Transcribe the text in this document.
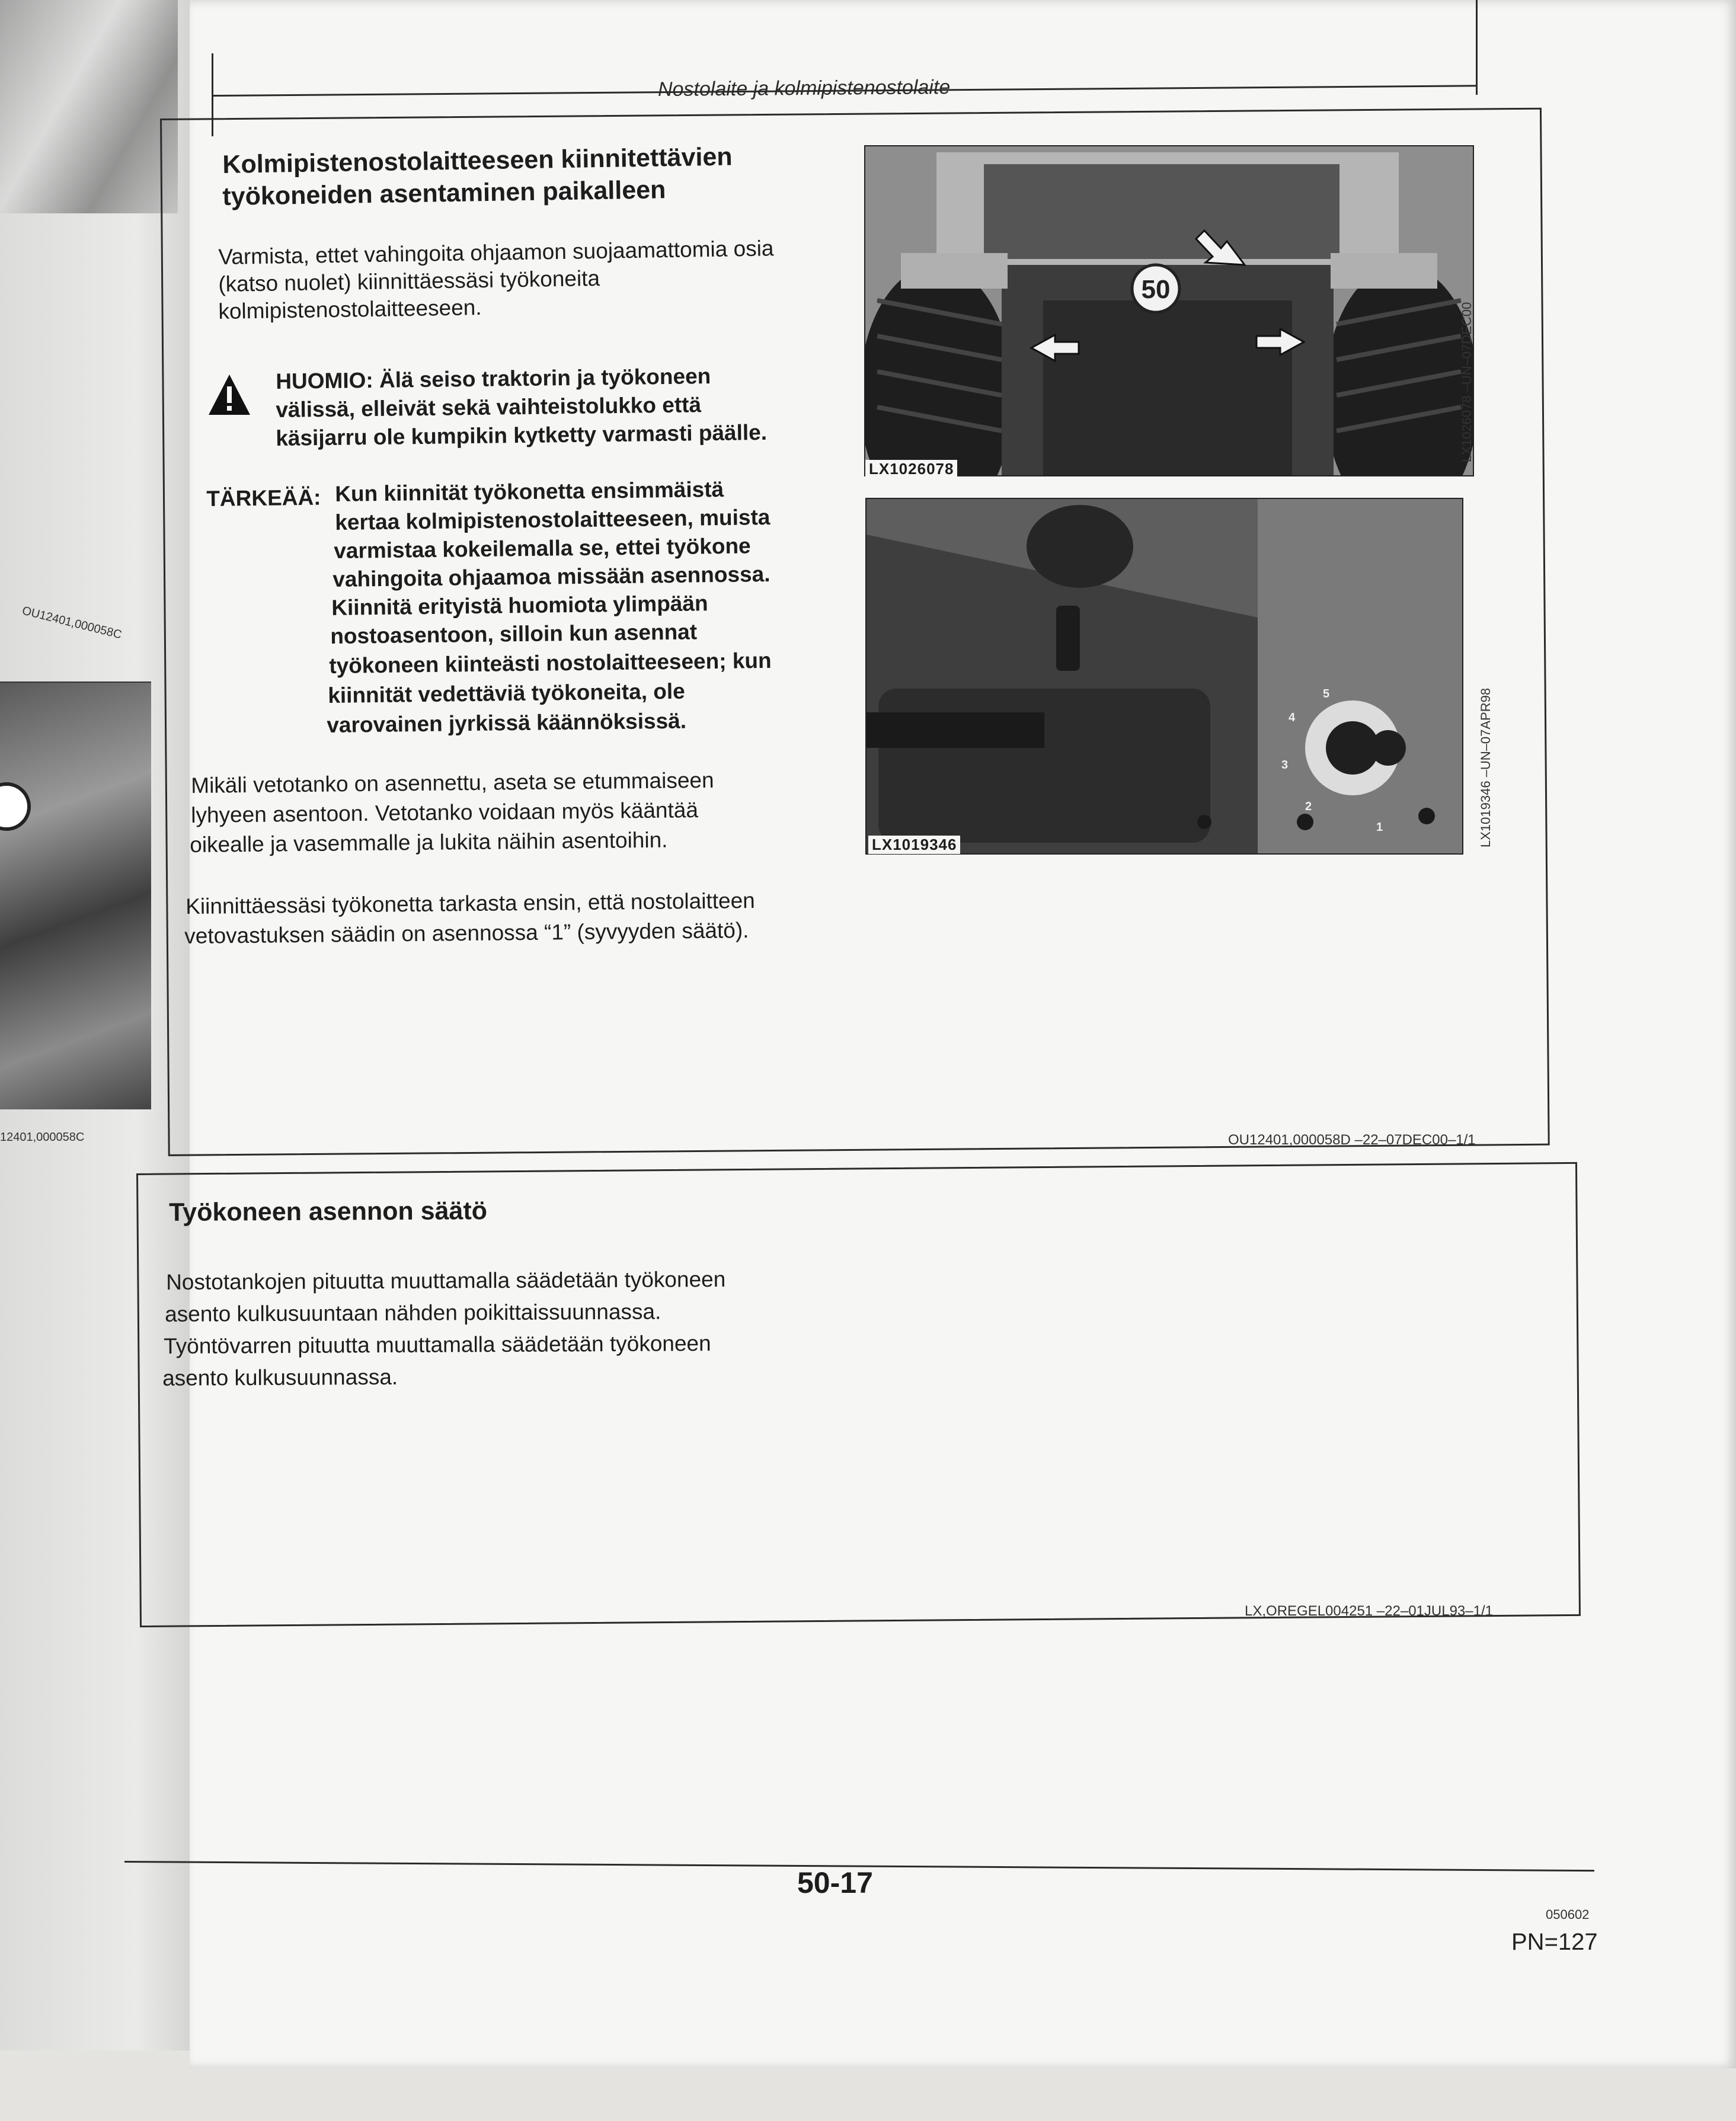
OU12401,000058C
12401,000058C
Nostolaite ja kolmipistenostolaite
Kolmipistenostolaitteeseen kiinnitettävien
työkoneiden asentaminen paikalleen
Varmista, ettet vahingoita ohjaamon suojaamattomia osia
(katso nuolet) kiinnittäessäsi työkoneita
kolmipistenostolaitteeseen.
HUOMIO: Älä seiso traktorin ja työkoneen
välissä, elleivät sekä vaihteistolukko että
käsijarru ole kumpikin kytketty varmasti päälle.
TÄRKEÄÄ: Kun kiinnität työkonetta ensimmäistä
kertaa kolmipistenostolaitteeseen, muista
varmistaa kokeilemalla se, ettei työkone
vahingoita ohjaamoa missään asennossa.
Kiinnitä erityistä huomiota ylimpään
nostoasentoon, silloin kun asennat
työkoneen kiinteästi nostolaitteeseen; kun
kiinnität vedettäviä työkoneita, ole
varovainen jyrkissä käännöksissä.
Mikäli vetotanko on asennettu, aseta se etummaiseen
lyhyeen asentoon. Vetotanko voidaan myös kääntää
oikealle ja vasemmalle ja lukita näihin asentoihin.
Kiinnittäessäsi työkonetta tarkasta ensin, että nostolaitteen
vetovastuksen säädin on asennossa “1” (syvyyden säätö).
50
LX1026078
LX1026078 –UN–07DEC00
1
2
3
4
5
LX1019346	LX1019346 –UN–07APR98
OU12401,000058D –22–07DEC00–1/1
Työkoneen asennon säätö
Nostotankojen pituutta muuttamalla säädetään työkoneen
asento kulkusuuntaan nähden poikittaissuunnassa.
Työntövarren pituutta muuttamalla säädetään työkoneen
asento kulkusuunnassa.
LX,OREGEL004251 –22–01JUL93–1/1
50-17
050602
PN=127
